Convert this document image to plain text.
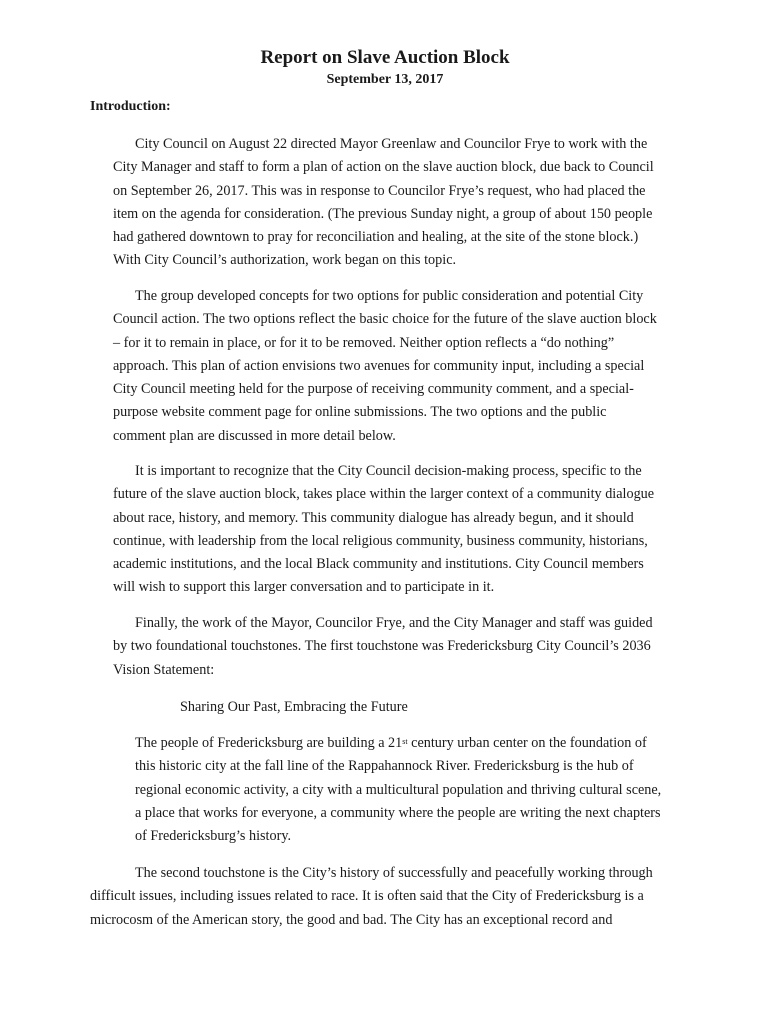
Report on Slave Auction Block
September 13, 2017
Introduction:
City Council on August 22 directed Mayor Greenlaw and Councilor Frye to work with the
City Manager and staff to form a plan of action on the slave auction block, due back to Council
on September 26, 2017. This was in response to Councilor Frye’s request, who had placed the
item on the agenda for consideration. (The previous Sunday night, a group of about 150 people
had gathered downtown to pray for reconciliation and healing, at the site of the stone block.)
With City Council’s authorization, work began on this topic.
The group developed concepts for two options for public consideration and potential City
Council action. The two options reflect the basic choice for the future of the slave auction block
– for it to remain in place, or for it to be removed. Neither option reflects a “do nothing”
approach. This plan of action envisions two avenues for community input, including a special
City Council meeting held for the purpose of receiving community comment, and a special-
purpose website comment page for online submissions. The two options and the public
comment plan are discussed in more detail below.
It is important to recognize that the City Council decision-making process, specific to the
future of the slave auction block, takes place within the larger context of a community dialogue
about race, history, and memory. This community dialogue has already begun, and it should
continue, with leadership from the local religious community, business community, historians,
academic institutions, and the local Black community and institutions. City Council members
will wish to support this larger conversation and to participate in it.
Finally, the work of the Mayor, Councilor Frye, and the City Manager and staff was guided
by two foundational touchstones. The first touchstone was Fredericksburg City Council’s 2036
Vision Statement:
Sharing Our Past, Embracing the Future
The people of Fredericksburg are building a 21st century urban center on the foundation of
this historic city at the fall line of the Rappahannock River. Fredericksburg is the hub of
regional economic activity, a city with a multicultural population and thriving cultural scene,
a place that works for everyone, a community where the people are writing the next chapters
of Fredericksburg’s history.
The second touchstone is the City’s history of successfully and peacefully working through
difficult issues, including issues related to race. It is often said that the City of Fredericksburg is a
microcosm of the American story, the good and bad. The City has an exceptional record and
